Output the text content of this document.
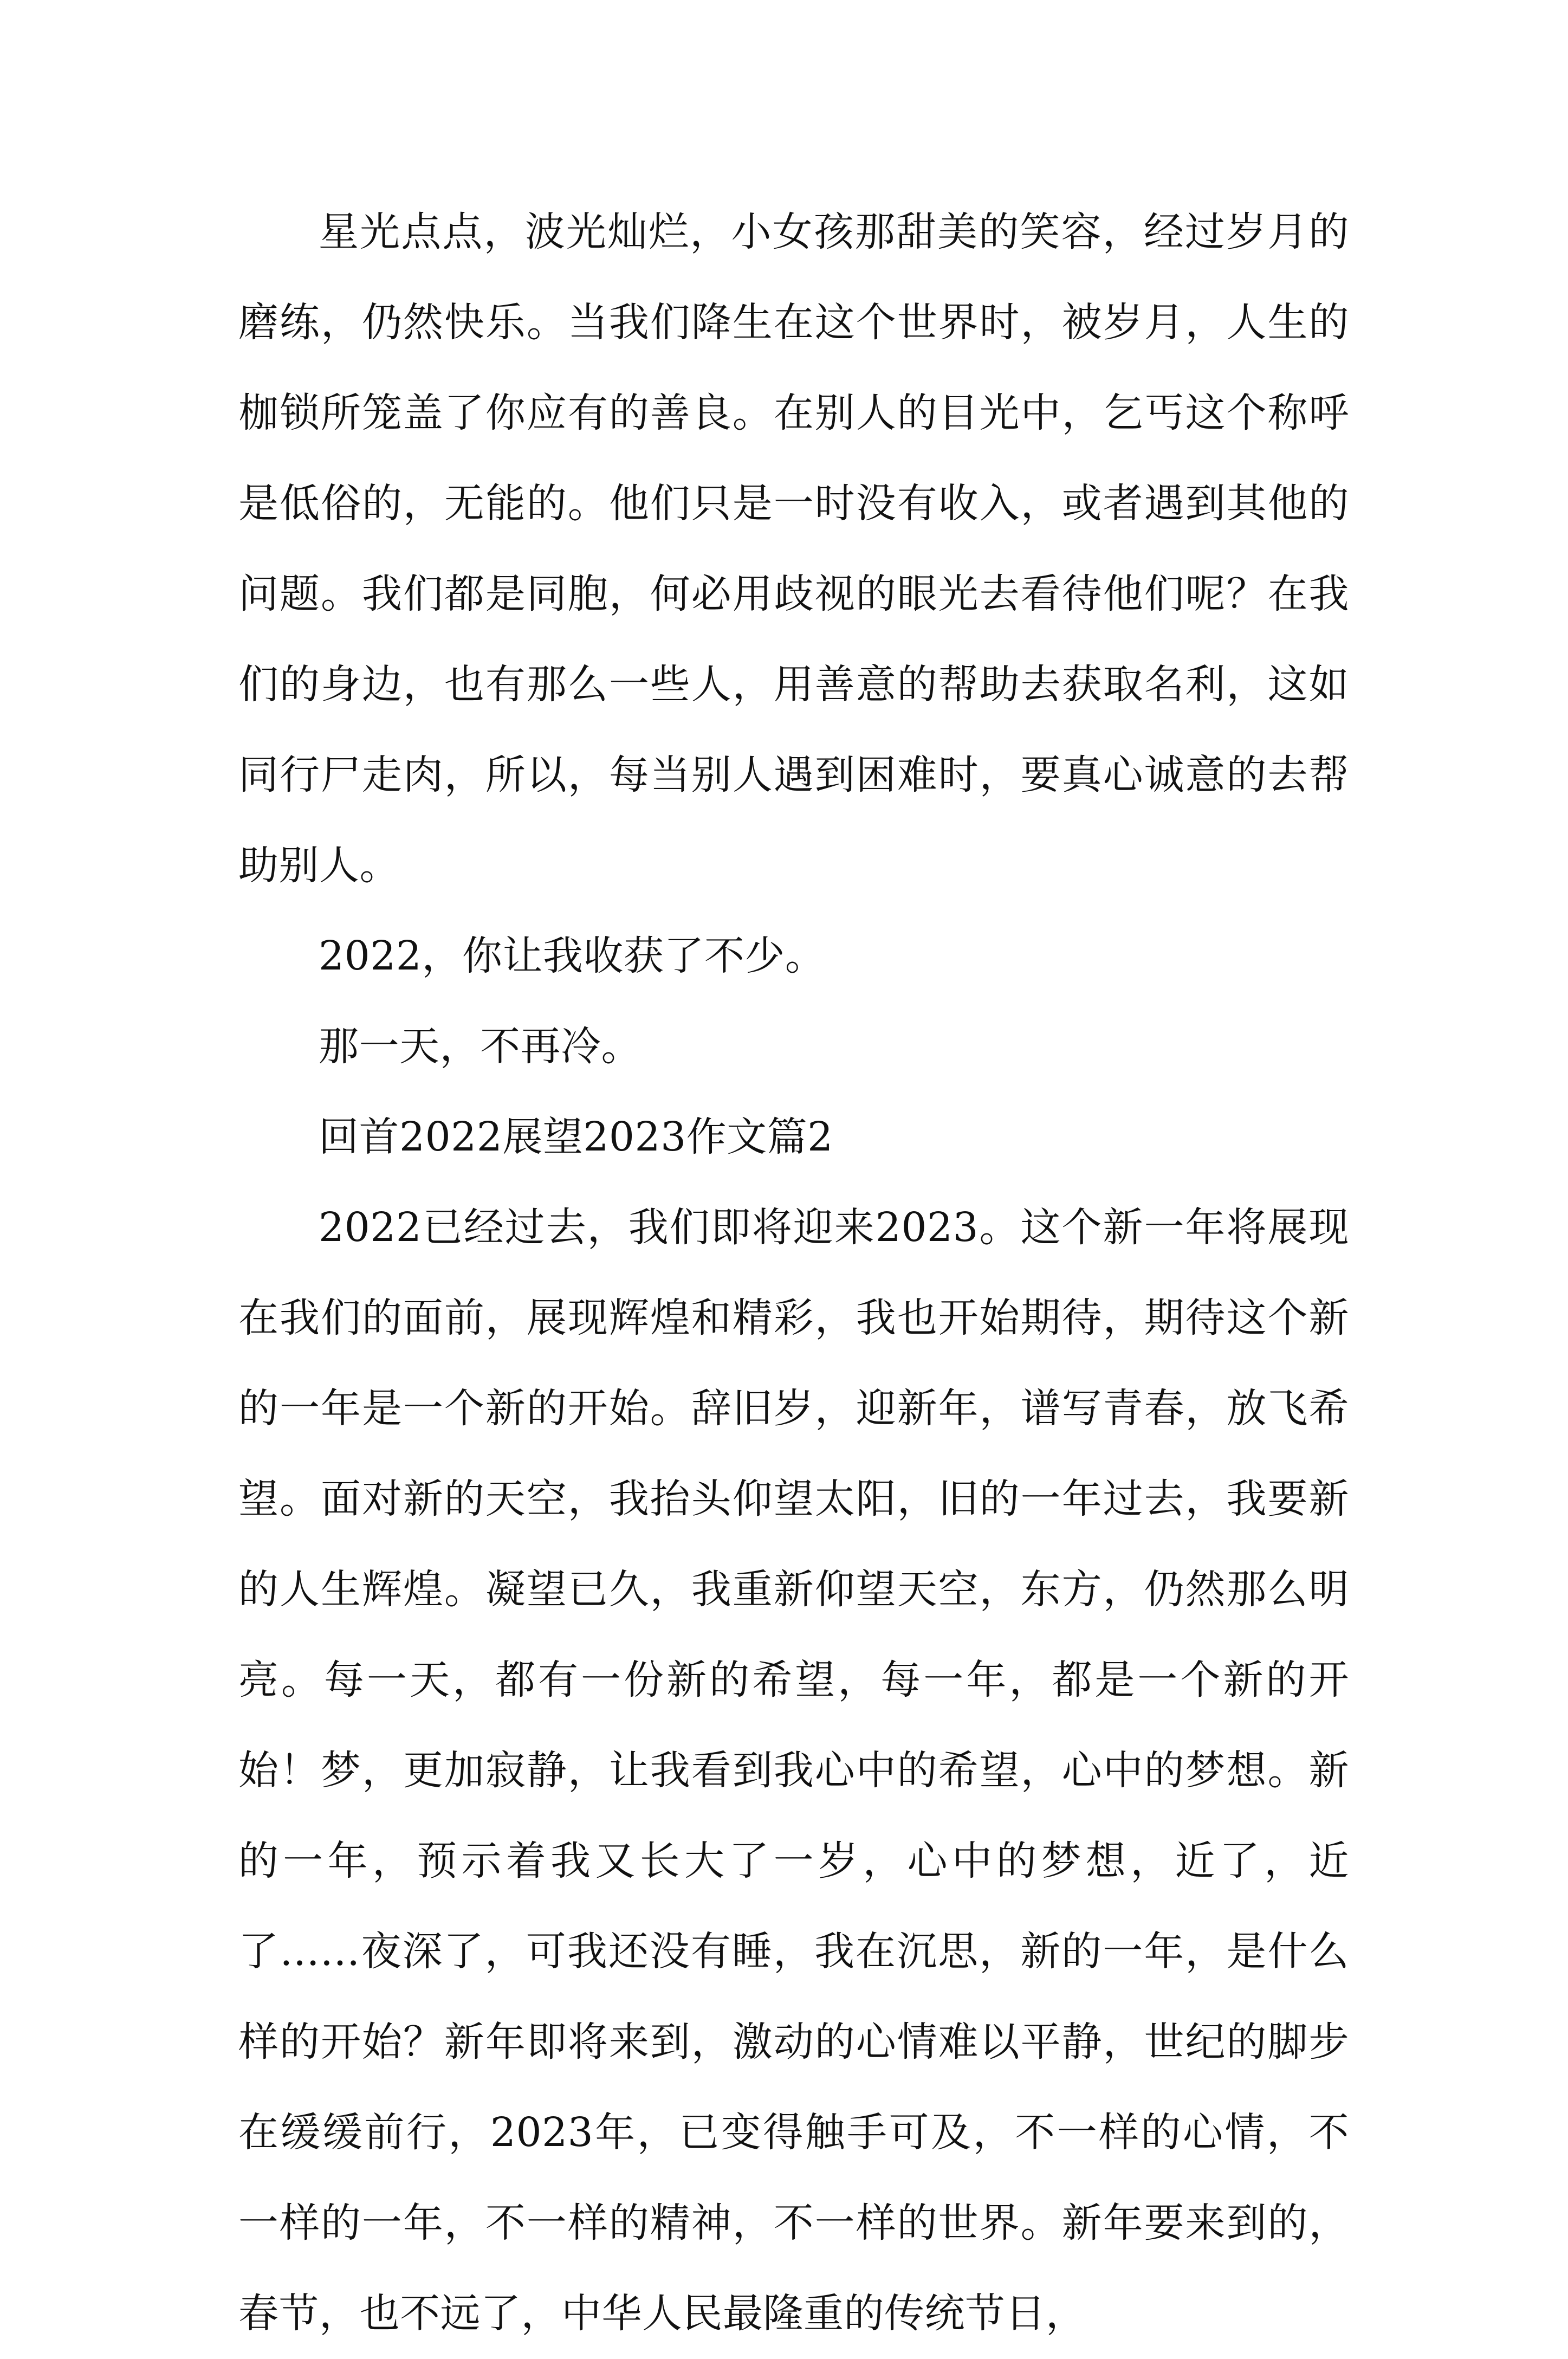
星光点点，波光灿烂，小女孩那甜美的笑容，经过岁月的磨练，仍然快乐。当我们降生在这个世界时，被岁月，人生的枷锁所笼盖了你应有的善良。在别人的目光中，乞丐这个称呼是低俗的，无能的。他们只是一时没有收入，或者遇到其他的问题。我们都是同胞，何必用歧视的眼光去看待他们呢？在我们的身边，也有那么一些人，用善意的帮助去获取名利，这如同行尸走肉，所以，每当别人遇到困难时，要真心诚意的去帮助别人。

2022，你让我收获了不少。

那一天，不再冷。

回首2022展望2023作文篇2

2022已经过去，我们即将迎来2023。这个新一年将展现在我们的面前，展现辉煌和精彩，我也开始期待，期待这个新的一年是一个新的开始。辞旧岁，迎新年，谱写青春，放飞希望。面对新的天空，我抬头仰望太阳，旧的一年过去，我要新的人生辉煌。凝望已久，我重新仰望天空，东方，仍然那么明亮。每一天，都有一份新的希望，每一年，都是一个新的开始！梦，更加寂静，让我看到我心中的希望，心中的梦想。新的一年，预示着我又长大了一岁，心中的梦想，近了，近了……夜深了，可我还没有睡，我在沉思，新的一年，是什么样的开始？新年即将来到，激动的心情难以平静，世纪的脚步在缓缓前行，2023年，已变得触手可及，不一样的心情，不一样的一年，不一样的精神，不一样的世界。新年要来到的，春节，也不远了，中华人民最隆重的传统节日，
